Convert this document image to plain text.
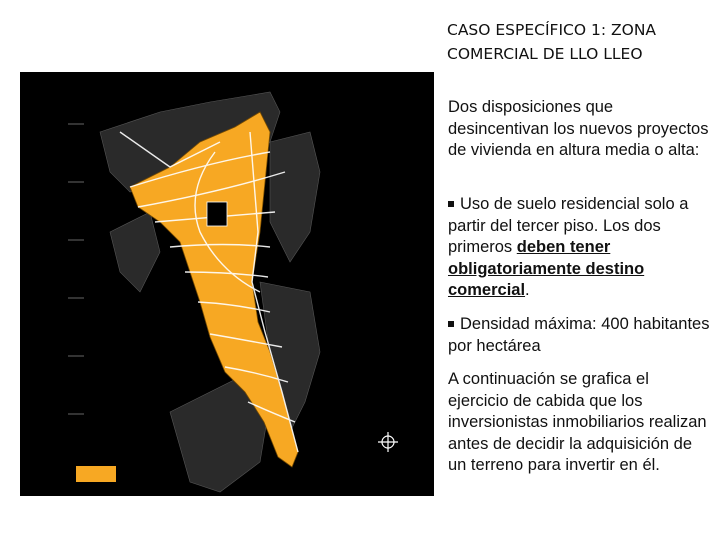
CASO ESPECÍFICO 1: ZONA
COMERCIAL DE LLO LLEO
Dos disposiciones que desincentivan los nuevos proyectos de vivienda en altura media o alta:
Uso de suelo residencial solo a partir del tercer piso. Los dos primeros deben tener obligatoriamente destino comercial.
Densidad máxima: 400 habitantes por hectárea
A continuación se grafica el ejercicio de cabida que los inversionistas inmobiliarios realizan antes de decidir la adquisición de un terreno para invertir en él.
